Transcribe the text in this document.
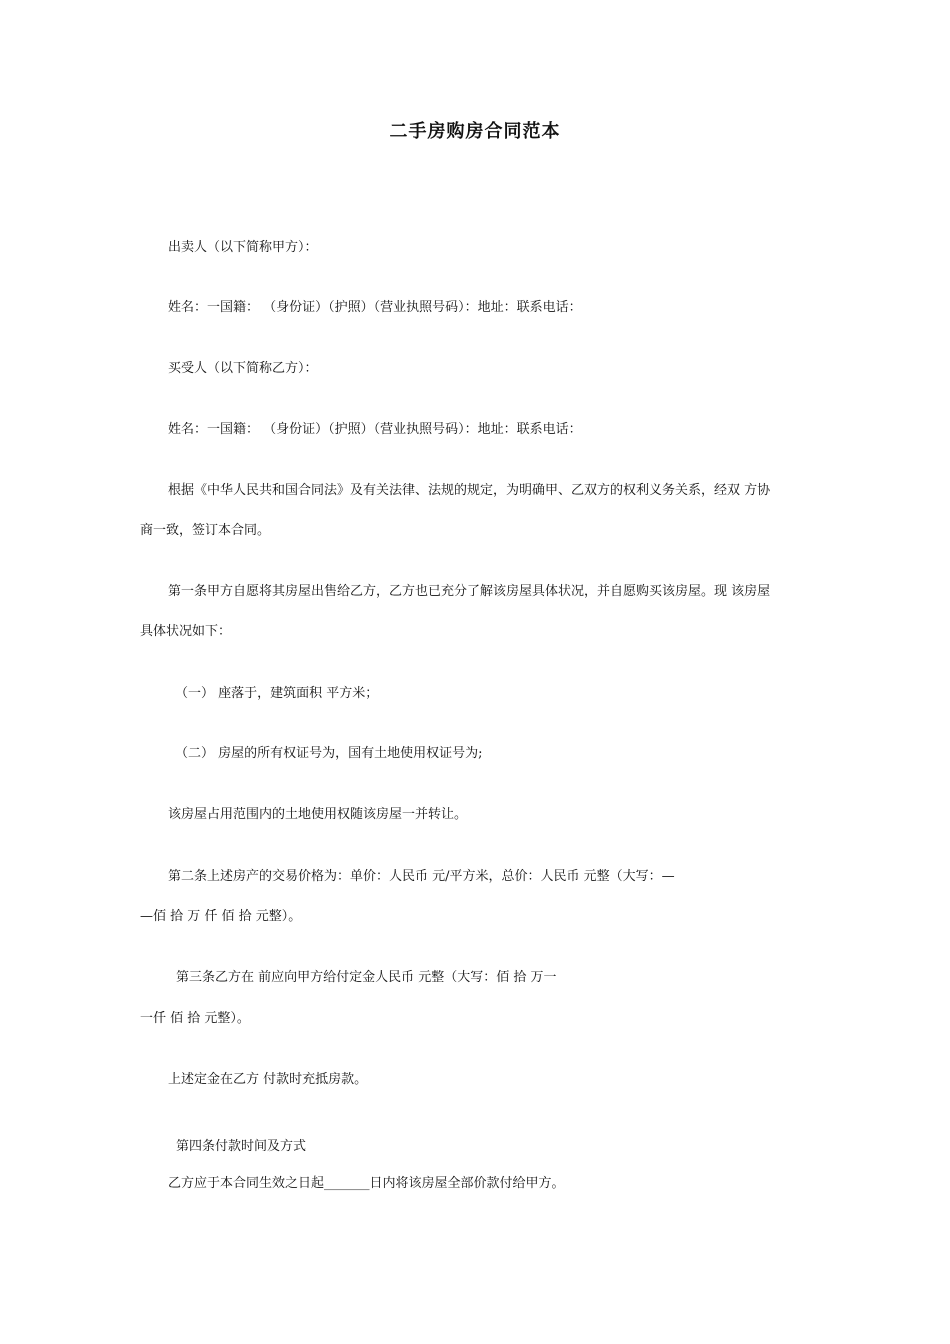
二手房购房合同范本
出卖人（以下简称甲方）：
姓名：一国籍： （身份证）（护照）（营业执照号码）：地址：联系电话：
买受人（以下简称乙方）：
姓名：一国籍： （身份证）（护照）（营业执照号码）：地址：联系电话：
根据《中华人民共和国合同法》及有关法律、法规的规定，为明确甲、乙双方的权利义务关系，经双 方协
商一致，签订本合同。
第一条甲方自愿将其房屋出售给乙方，乙方也已充分了解该房屋具体状况，并自愿购买该房屋。现 该房屋
具体状况如下：
（一） 座落于，建筑面积 平方米；
（二） 房屋的所有权证号为，国有土地使用权证号为;
该房屋占用范围内的土地使用权随该房屋一并转让。
第二条上述房产的交易价格为：单价：人民币 元/平方米，总价：人民币 元整（大写：—
—佰 拾 万 仟 佰 拾 元整）。
第三条乙方在 前应向甲方给付定金人民币 元整（大写：佰 拾 万一
一仟 佰 拾 元整）。
上述定金在乙方 付款时充抵房款。
第四条付款时间及方式
乙方应于本合同生效之日起_______日内将该房屋全部价款付给甲方。
